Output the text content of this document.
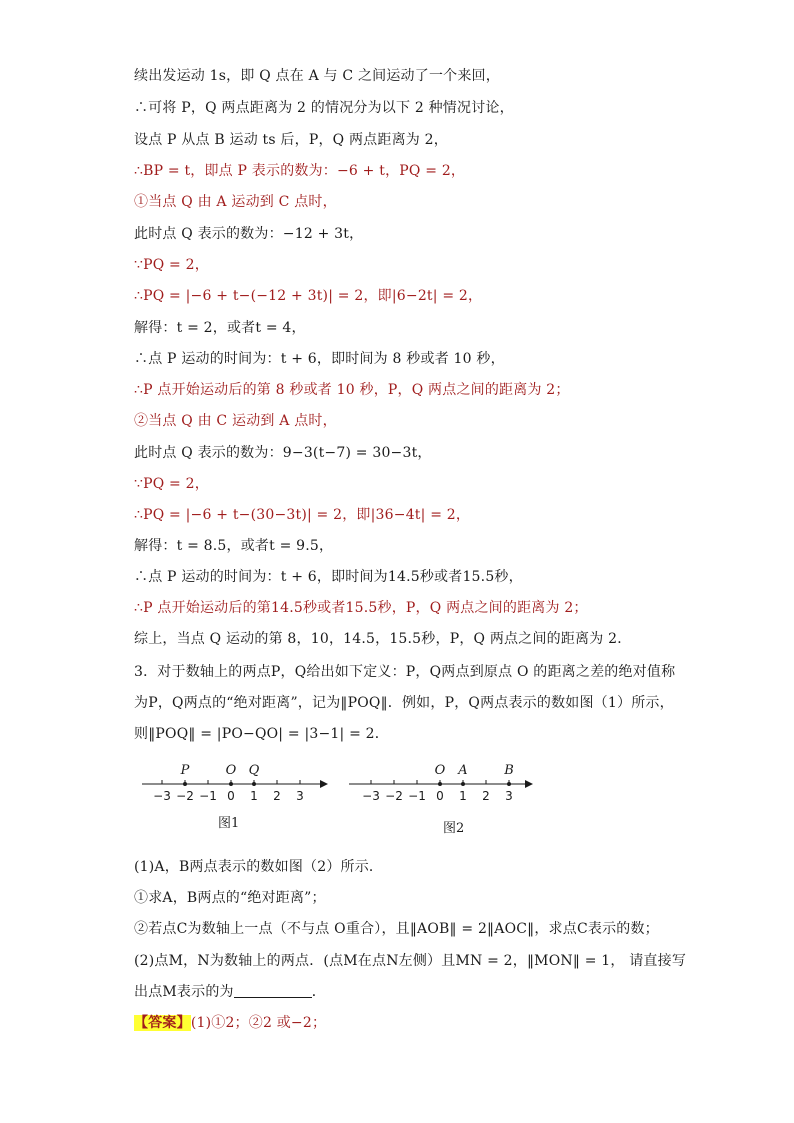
续出发运动 1s，即 Q 点在 A 与 C 之间运动了一个来回，
∴可将 P，Q 两点距离为 2 的情况分为以下 2 种情况讨论，
设点 P 从点 B 运动 ts 后，P，Q 两点距离为 2，
∴BP = t，即点 P 表示的数为：−6 + t，PQ = 2，
①当点 Q 由 A 运动到 C 点时，
此时点 Q 表示的数为：−12 + 3t，
∵PQ = 2，
∴PQ = |−6 + t−(−12 + 3t)| = 2，即|6−2t| = 2，
解得：t = 2，或者t = 4，
∴点 P 运动的时间为：t + 6，即时间为 8 秒或者 10 秒，
∴P 点开始运动后的第 8 秒或者 10 秒，P，Q 两点之间的距离为 2；
②当点 Q 由 C 运动到 A 点时，
此时点 Q 表示的数为：9−3(t−7) = 30−3t，
∵PQ = 2，
∴PQ = |−6 + t−(30−3t)| = 2，即|36−4t| = 2，
解得：t = 8.5，或者t = 9.5，
∴点 P 运动的时间为：t + 6，即时间为14.5秒或者15.5秒，
∴P 点开始运动后的第14.5秒或者15.5秒，P，Q 两点之间的距离为 2；
综上，当点 Q 运动的第 8，10，14.5，15.5秒，P，Q 两点之间的距离为 2．
3．对于数轴上的两点P，Q给出如下定义：P，Q两点到原点 O 的距离之差的绝对值称
为P，Q两点的“绝对距离”，记为‖POQ‖．例如，P，Q两点表示的数如图（1）所示，
则‖POQ‖ = |PO−QO| = |3−1| = 2．
P	O Q
−3 −2 −1 0 1 2 3
图1
O A	B
−3 −2 −1 0 1 2 3
图2
(1)A，B两点表示的数如图（2）所示．
①求A，B两点的“绝对距离”；
②若点C为数轴上一点（不与点 O重合），且‖AOB‖ = 2‖AOC‖，求点C表示的数；
(2)点M，N为数轴上的两点．(点M在点N左侧）且MN = 2，‖MON‖ = 1， 请直接写
出点M表示的为	．
【答案】(1)①2；②2 或−2；
